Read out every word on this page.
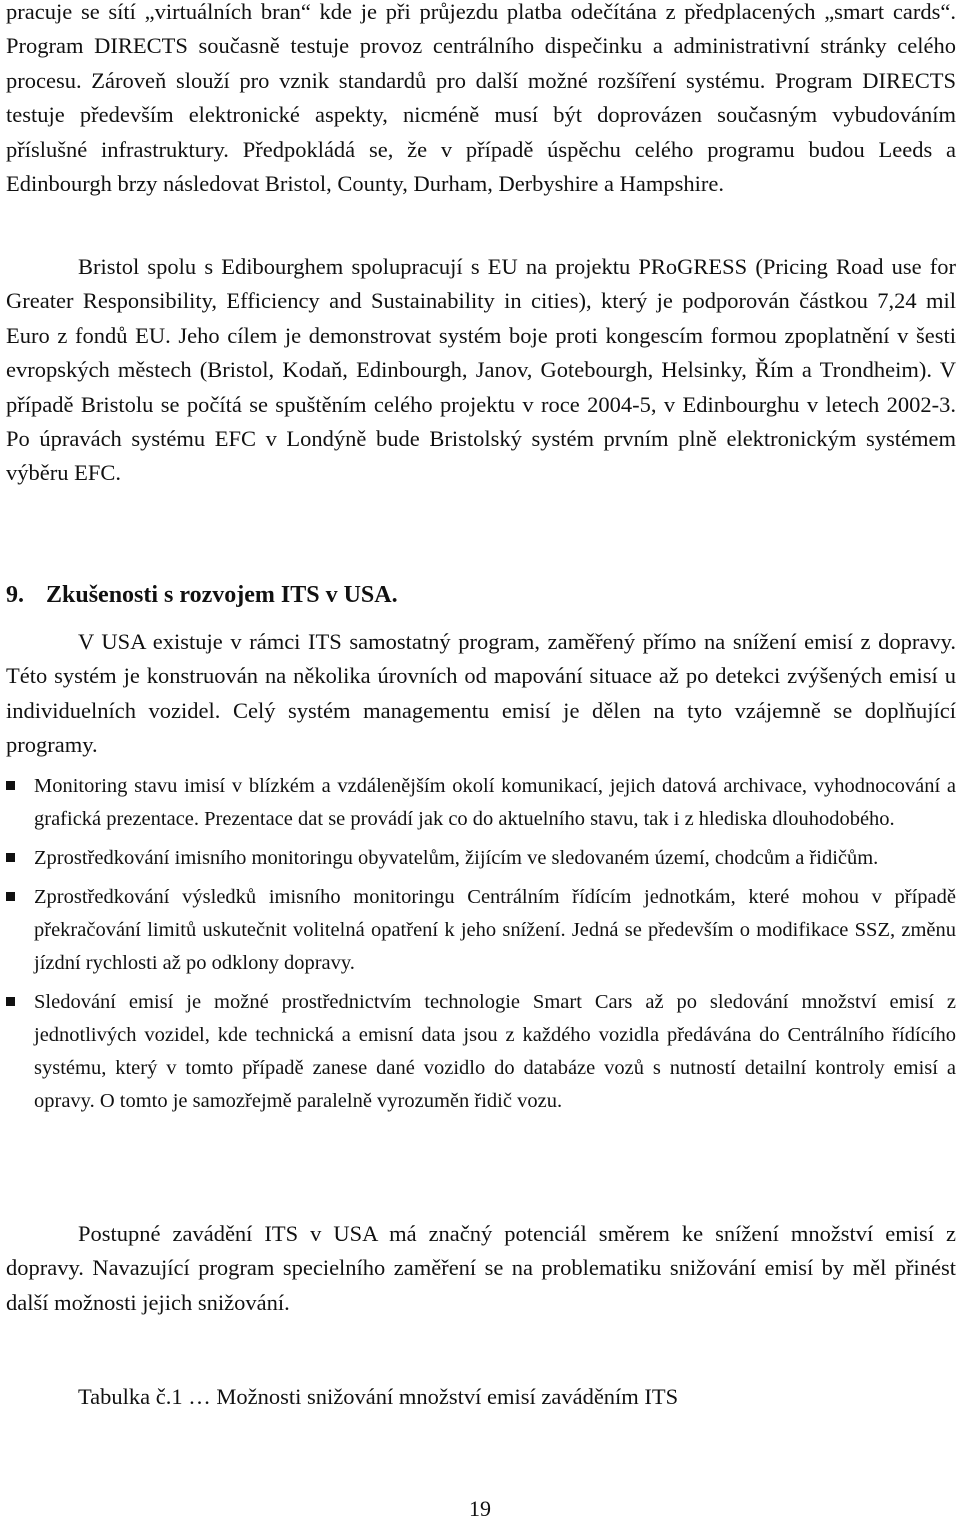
pracuje se sítí „virtuálních bran“ kde je při průjezdu platba odečítána z předplacených „smart cards“. Program DIRECTS současně testuje provoz centrálního dispečinku a administrativní stránky celého procesu. Zároveň slouží pro vznik standardů pro další možné rozšíření systému. Program DIRECTS testuje především elektronické aspekty, nicméně musí být doprovázen současným vybudováním příslušné infrastruktury. Předpokládá se, že v případě úspěchu celého programu budou Leeds a Edinbourgh brzy následovat Bristol, County, Durham, Derbyshire a Hampshire.

Bristol spolu s Edibourghem spolupracují s EU na projektu PRoGRESS (Pricing Road use for Greater Responsibility, Efficiency and Sustainability in cities), který je podporován částkou 7,24 mil Euro z fondů EU. Jeho cílem je demonstrovat systém boje proti kongescím formou zpoplatnění v šesti evropských městech (Bristol, Kodaň, Edinbourgh, Janov, Gotebourgh, Helsinky, Řím a Trondheim). V případě Bristolu se počítá se spuštěním celého projektu v roce 2004-5, v Edinbourghu v letech 2002-3. Po úpravách systému EFC v Londýně bude Bristolský systém prvním plně elektronickým systémem výběru EFC.

9. Zkušenosti s rozvojem ITS v USA.

V USA existuje v rámci ITS samostatný program, zaměřený přímo na snížení emisí z dopravy. Této systém je konstruován na několika úrovních od mapování situace až po detekci zvýšených emisí u individuelních vozidel. Celý systém managementu emisí je dělen na tyto vzájemně se doplňující programy.

Monitoring stavu imisí v blízkém a vzdálenějším okolí komunikací, jejich datová archivace, vyhodnocování a grafická prezentace. Prezentace dat se provádí jak co do aktuelního stavu, tak i z hlediska dlouhodobého.
Zprostředkování imisního monitoringu obyvatelům, žijícím ve sledovaném území, chodcům a řidičům.
Zprostředkování výsledků imisního monitoringu Centrálním řídícím jednotkám, které mohou v případě překračování limitů uskutečnit volitelná opatření k jeho snížení. Jedná se především o modifikace SSZ, změnu jízdní rychlosti až po odklony dopravy.
Sledování emisí je možné prostřednictvím technologie Smart Cars až po sledování množství emisí z jednotlivých vozidel, kde technická a emisní data jsou z každého vozidla předávána do Centrálního řídícího systému, který v tomto případě zanese dané vozidlo do databáze vozů s nutností detailní kontroly emisí a opravy. O tomto je samozřejmě paralelně vyrozuměn řidič vozu.

Postupné zavádění ITS v USA má značný potenciál směrem ke snížení množství emisí z dopravy. Navazující program specielního zaměření se na problematiku snižování emisí by měl přinést další možnosti jejich snižování.

Tabulka č.1 … Možnosti snižování množství emisí zaváděním ITS

19
